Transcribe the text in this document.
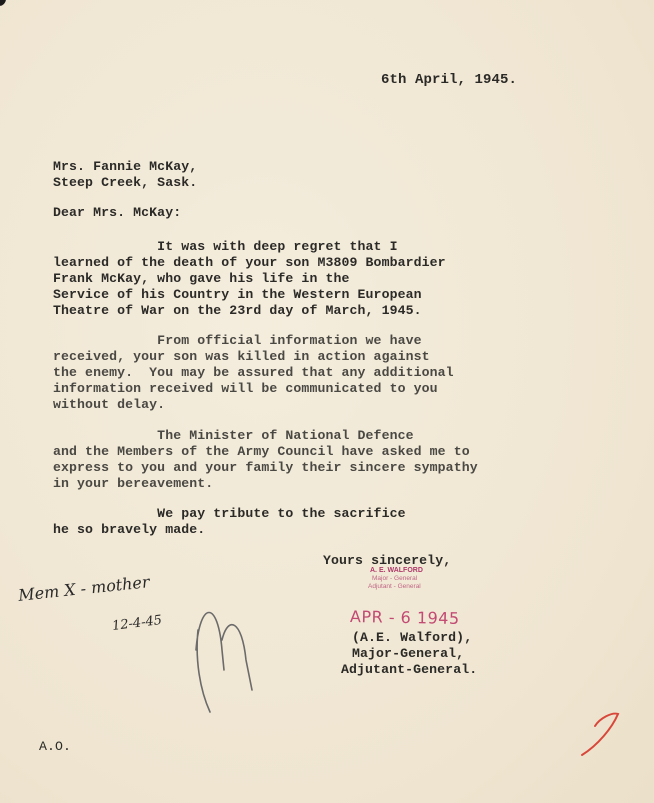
6th April, 1945.
Mrs. Fannie McKay,
Steep Creek, Sask.
Dear Mrs. McKay:
It was with deep regret that I
learned of the death of your son M3809 Bombardier
Frank McKay, who gave his life in the
Service of his Country in the Western European
Theatre of War on the 23rd day of March, 1945.
From official information we have
received, your son was killed in action against
the enemy.  You may be assured that any additional
information received will be communicated to you
without delay.
The Minister of National Defence
and the Members of the Army Council have asked me to
express to you and your family their sincere sympathy
in your bereavement.
We pay tribute to the sacrifice
he so bravely made.
Yours sincerely,
A. E. WALFORD
Major - General
Adjutant - General
APR - 6 1945
(A.E. Walford),
Major-General,
Adjutant-General.
A.O.
Mem X - mother
12-4-45
